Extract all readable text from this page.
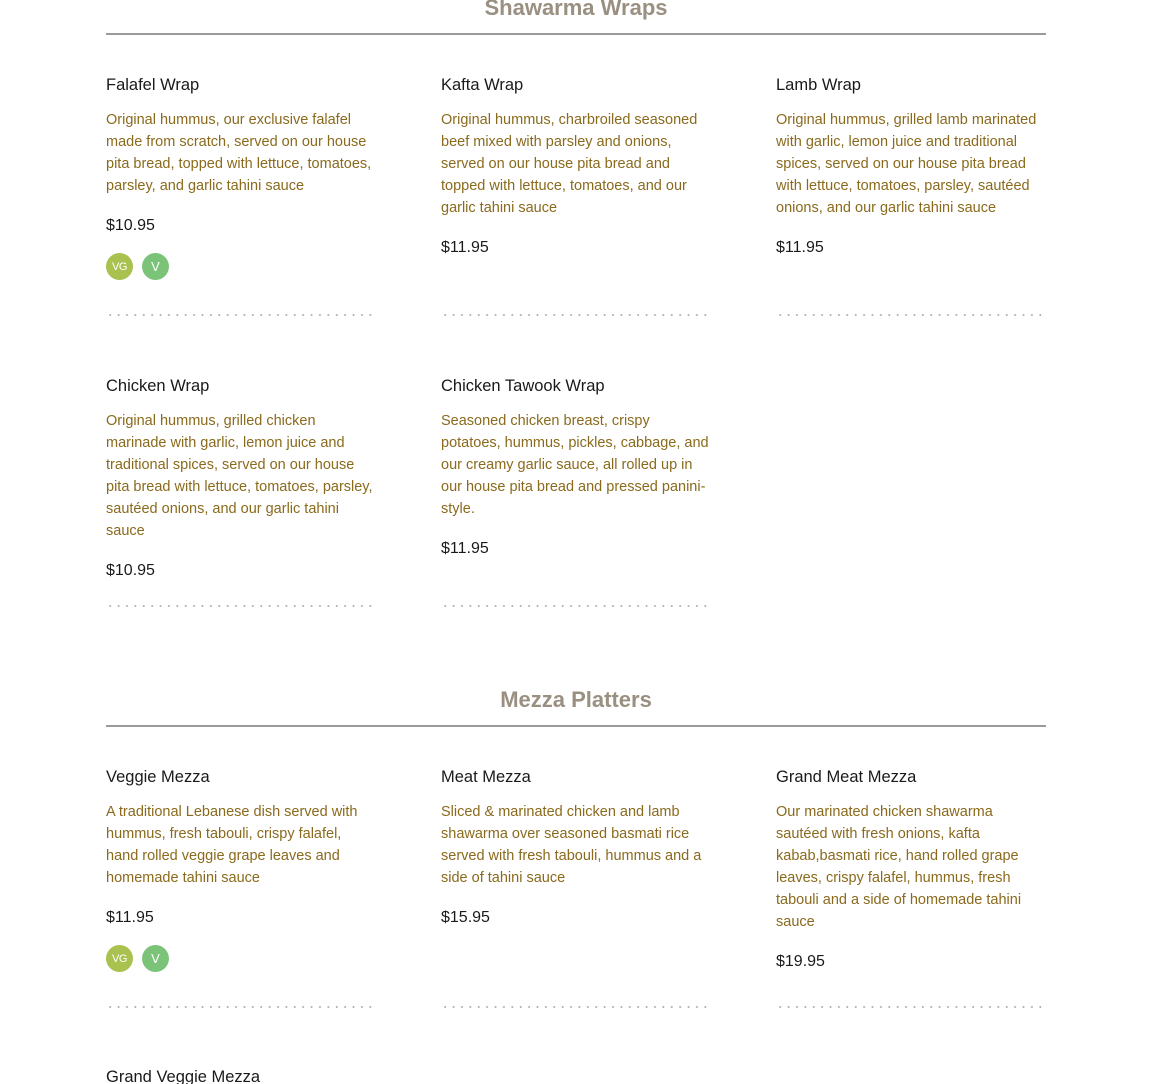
Shawarma Wraps
Falafel Wrap
Original hummus, our exclusive falafel made from scratch, served on our house pita bread, topped with lettuce, tomatoes, parsley, and garlic tahini sauce
$10.95
VG	V
Kafta Wrap
Original hummus, charbroiled seasoned beef mixed with parsley and onions, served on our house pita bread and topped with lettuce, tomatoes, and our garlic tahini sauce
$11.95
Lamb Wrap
Original hummus, grilled lamb marinated with garlic, lemon juice and traditional spices, served on our house pita bread with lettuce, tomatoes, parsley, sautéed onions, and our garlic tahini sauce
$11.95
Chicken Wrap
Original hummus, grilled chicken marinade with garlic, lemon juice and traditional spices, served on our house pita bread with lettuce, tomatoes, parsley, sautéed onions, and our garlic tahini sauce
$10.95
Chicken Tawook Wrap
Seasoned chicken breast, crispy potatoes, hummus, pickles, cabbage, and our creamy garlic sauce, all rolled up in our house pita bread and pressed panini-style.
$11.95
Mezza Platters
Veggie Mezza
A traditional Lebanese dish served with hummus, fresh tabouli, crispy falafel, hand rolled veggie grape leaves and homemade tahini sauce
$11.95
VG	V
Meat Mezza
Sliced & marinated chicken and lamb shawarma over seasoned basmati rice served with fresh tabouli, hummus and a side of tahini sauce
$15.95
Grand Meat Mezza
Our marinated chicken shawarma sautéed with fresh onions, kafta kabab,basmati rice, hand rolled grape leaves, crispy falafel, hummus, fresh tabouli and a side of homemade tahini sauce
$19.95
Grand Veggie Mezza
